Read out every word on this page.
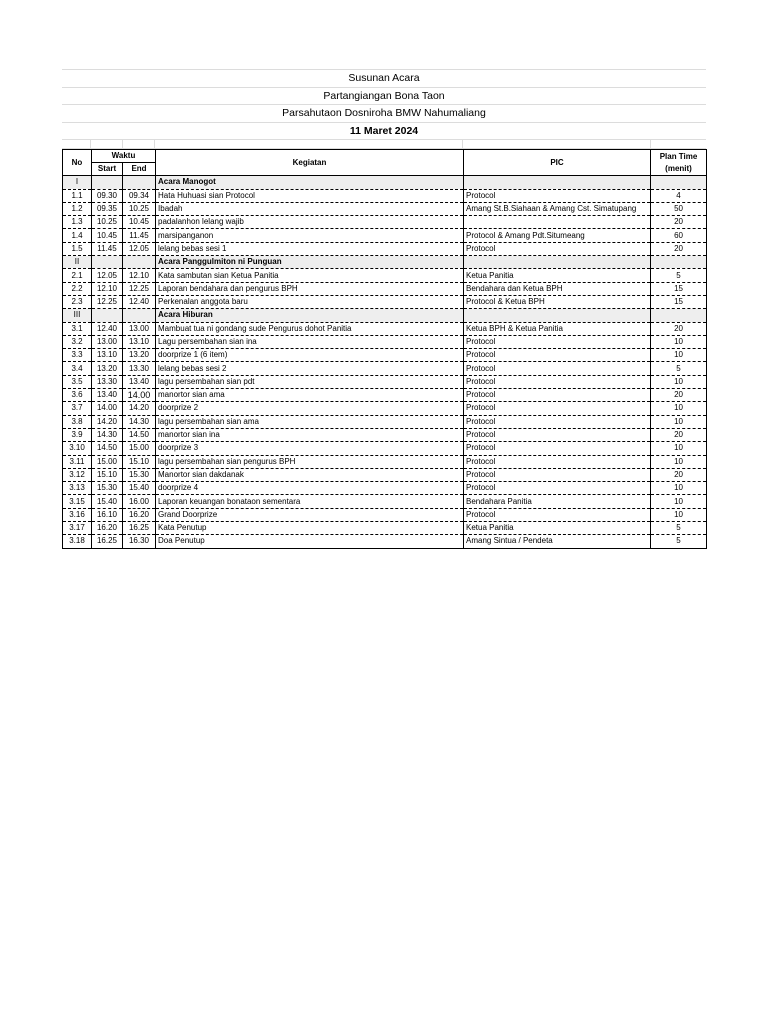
Susunan Acara
Partangiangan Bona Taon
Parsahutaon Dosniroha BMW Nahumaliang
11 Maret 2024
No	Waktu		Kegiatan	PIC	Plan Time
(menit)
	Start	End			
I			Acara Manogot		
1.1	09.30	09.34	Hata Huhuasi sian Protocol	Protocol	4
1.2	09.35	10.25	Ibadah	Amang St.B.Siahaan & Amang Cst. Simatupang	50
1.3	10.25	10.45	padalanhon lelang wajib		20
1.4	10.45	11.45	marsipanganon	Protocol & Amang Pdt.Situmeang	60
1.5	11.45	12.05	lelang bebas sesi 1	Protocol	20
II			Acara Panggulmiton ni Punguan		
2.1	12.05	12.10	Kata sambutan sian Ketua Panitia	Ketua Panitia	5
2.2	12.10	12.25	Laporan bendahara dan pengurus BPH	Bendahara dan Ketua BPH	15
2.3	12.25	12.40	Perkenalan anggota baru	Protocol & Ketua BPH	15
III			Acara Hiburan		
3.1	12.40	13.00	Mambuat tua ni gondang sude Pengurus dohot Panitia	Ketua BPH & Ketua Panitia	20
3.2	13.00	13.10	Lagu persembahan sian ina	Protocol	10
3.3	13.10	13.20	doorprize 1 (6 item)	Protocol	10
3.4	13.20	13.30	lelang bebas sesi 2	Protocol	5
3.5	13.30	13.40	lagu persembahan sian pdt	Protocol	10
3.6	13.40	14.00	manortor sian ama	Protocol	20
3.7	14.00	14.20	doorprize 2	Protocol	10
3.8	14.20	14.30	lagu persembahan sian ama	Protocol	10
3.9	14.30	14.50	manortor sian ina	Protocol	20
3.10	14.50	15.00	doorprize 3	Protocol	10
3.11	15.00	15.10	lagu persembahan sian pengurus BPH	Protocol	10
3.12	15.10	15.30	Manortor sian dakdanak	Protocol	20
3.13	15.30	15.40	doorprize 4	Protocol	10
3.15	15.40	16.00	Laporan keuangan bonataon sementara	Bendahara Panitia	10
3.16	16.10	16.20	Grand Doorprize	Protocol	10
3.17	16.20	16.25	Kata Penutup	Ketua Panitia	5
3.18	16.25	16.30	Doa Penutup	Amang Sintua / Pendeta	5
